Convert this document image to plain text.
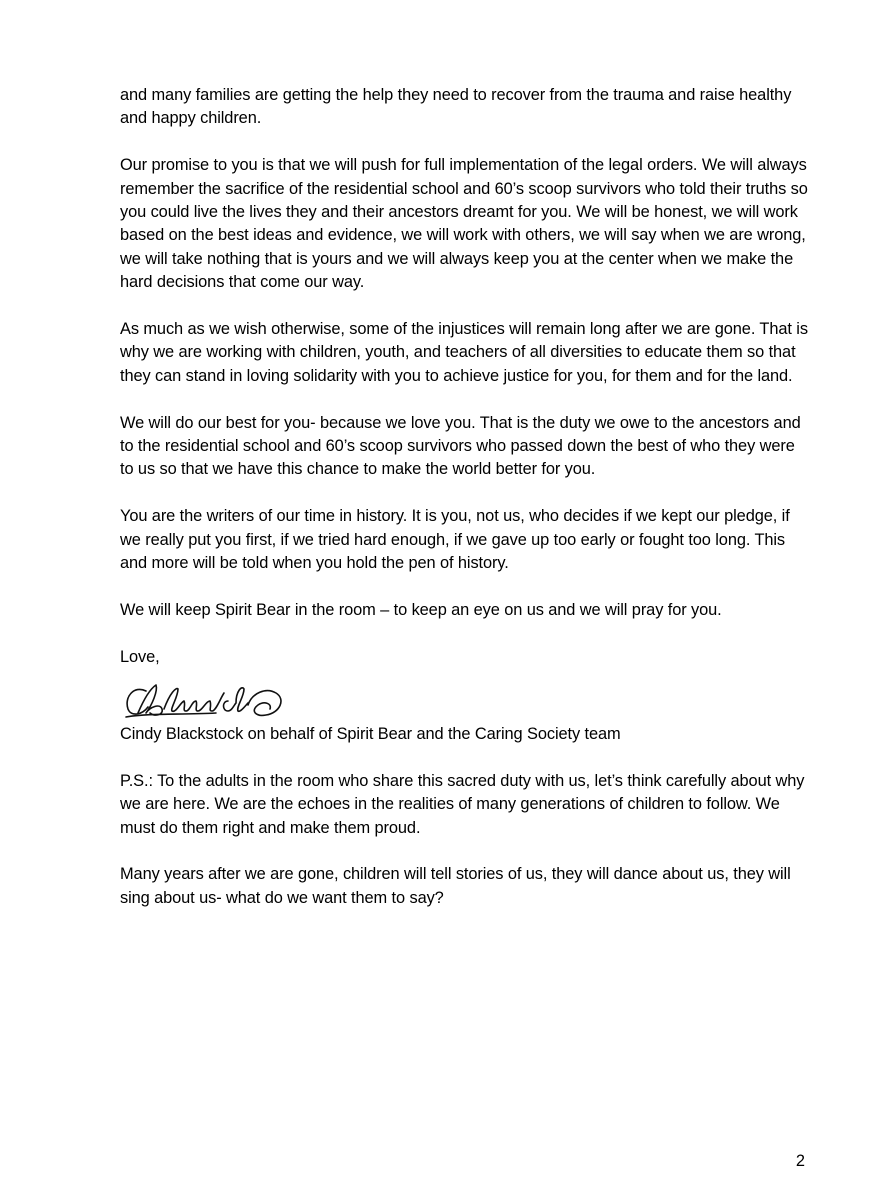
and many families are getting the help they need to recover from the trauma and raise healthy and happy children.

Our promise to you is that we will push for full implementation of the legal orders. We will always remember the sacrifice of the residential school and 60’s scoop survivors who told their truths so you could live the lives they and their ancestors dreamt for you. We will be honest, we will work based on the best ideas and evidence, we will work with others, we will say when we are wrong, we will take nothing that is yours and we will always keep you at the center when we make the hard decisions that come our way.

As much as we wish otherwise, some of the injustices will remain long after we are gone. That is why we are working with children, youth, and teachers of all diversities to educate them so that they can stand in loving solidarity with you to achieve justice for you, for them and for the land.

We will do our best for you- because we love you. That is the duty we owe to the ancestors and to the residential school and 60’s scoop survivors who passed down the best of who they were to us so that we have this chance to make the world better for you.

You are the writers of our time in history. It is you, not us, who decides if we kept our pledge, if we really put you first, if we tried hard enough, if we gave up too early or fought too long. This and more will be told when you hold the pen of history.

We will keep Spirit Bear in the room – to keep an eye on us and we will pray for you.

Love,

Cindy Blackstock on behalf of Spirit Bear and the Caring Society team

P.S.: To the adults in the room who share this sacred duty with us, let’s think carefully about why we are here. We are the echoes in the realities of many generations of children to follow. We must do them right and make them proud.

Many years after we are gone, children will tell stories of us, they will dance about us, they will sing about us- what do we want them to say?

2
